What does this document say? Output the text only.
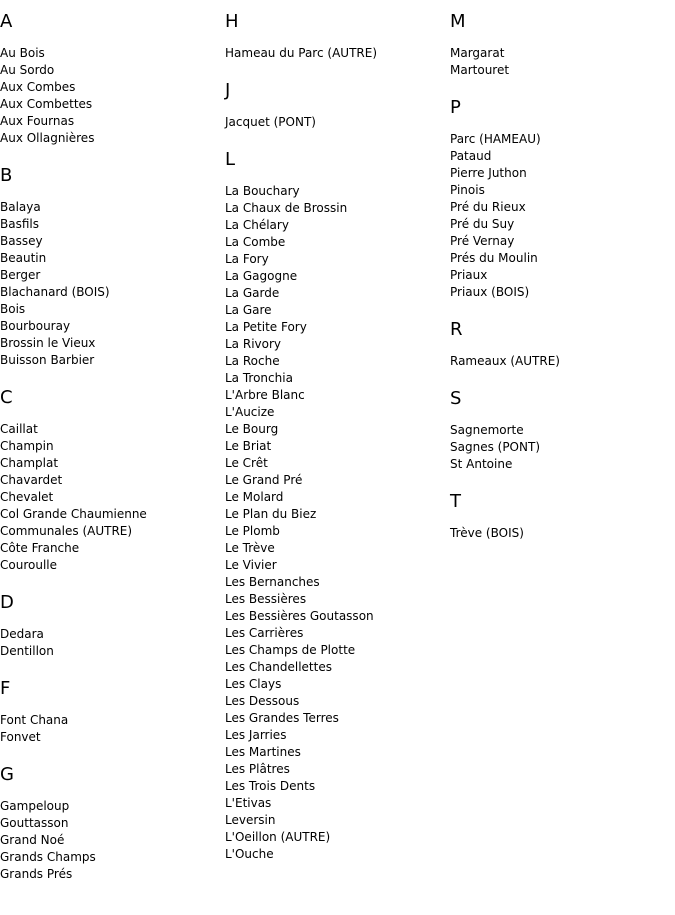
A
Au Bois
Au Sordo
Aux Combes
Aux Combettes
Aux Fournas
Aux Ollagnières
B
Balaya
Basfils
Bassey
Beautin
Berger
Blachanard (BOIS)
Bois
Bourbouray
Brossin le Vieux
Buisson Barbier
C
Caillat
Champin
Champlat
Chavardet
Chevalet
Col Grande Chaumienne
Communales (AUTRE)
Côte Franche
Couroulle
D
Dedara
Dentillon
F
Font Chana
Fonvet
G
Gampeloup
Gouttasson
Grand Noé
Grands Champs
Grands Prés
H
Hameau du Parc (AUTRE)
J
Jacquet (PONT)
L
La Bouchary
La Chaux de Brossin
La Chélary
La Combe
La Fory
La Gagogne
La Garde
La Gare
La Petite Fory
La Rivory
La Roche
La Tronchia
L'Arbre Blanc
L'Aucize
Le Bourg
Le Briat
Le Crêt
Le Grand Pré
Le Molard
Le Plan du Biez
Le Plomb
Le Trève
Le Vivier
Les Bernanches
Les Bessières
Les Bessières Goutasson
Les Carrières
Les Champs de Plotte
Les Chandellettes
Les Clays
Les Dessous
Les Grandes Terres
Les Jarries
Les Martines
Les Plâtres
Les Trois Dents
L'Etivas
Leversin
L'Oeillon (AUTRE)
L'Ouche
M
Margarat
Martouret
P
Parc (HAMEAU)
Pataud
Pierre Juthon
Pinois
Pré du Rieux
Pré du Suy
Pré Vernay
Prés du Moulin
Priaux
Priaux (BOIS)
R
Rameaux (AUTRE)
S
Sagnemorte
Sagnes (PONT)
St Antoine
T
Trève (BOIS)
